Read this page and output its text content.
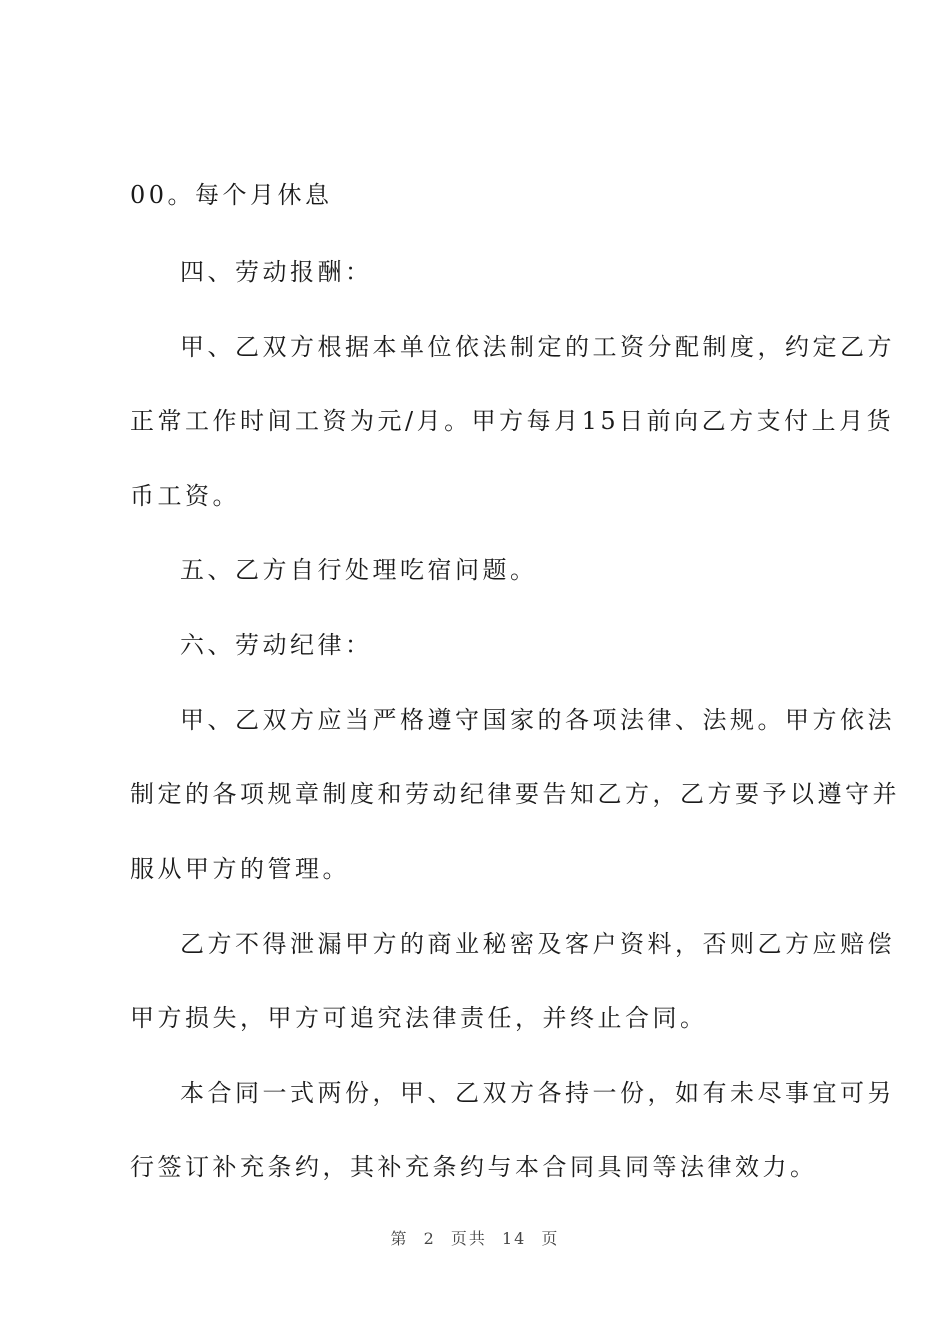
00。每个月休息
四、劳动报酬：
甲、乙双方根据本单位依法制定的工资分配制度，约定乙方
正常工作时间工资为元/月。甲方每月15日前向乙方支付上月货
币工资。
五、乙方自行处理吃宿问题。
六、劳动纪律：
甲、乙双方应当严格遵守国家的各项法律、法规。甲方依法
制定的各项规章制度和劳动纪律要告知乙方，乙方要予以遵守并
服从甲方的管理。
乙方不得泄漏甲方的商业秘密及客户资料，否则乙方应赔偿
甲方损失，甲方可追究法律责任，并终止合同。
本合同一式两份，甲、乙双方各持一份，如有未尽事宜可另
行签订补充条约，其补充条约与本合同具同等法律效力。
第 2 页共 14 页
